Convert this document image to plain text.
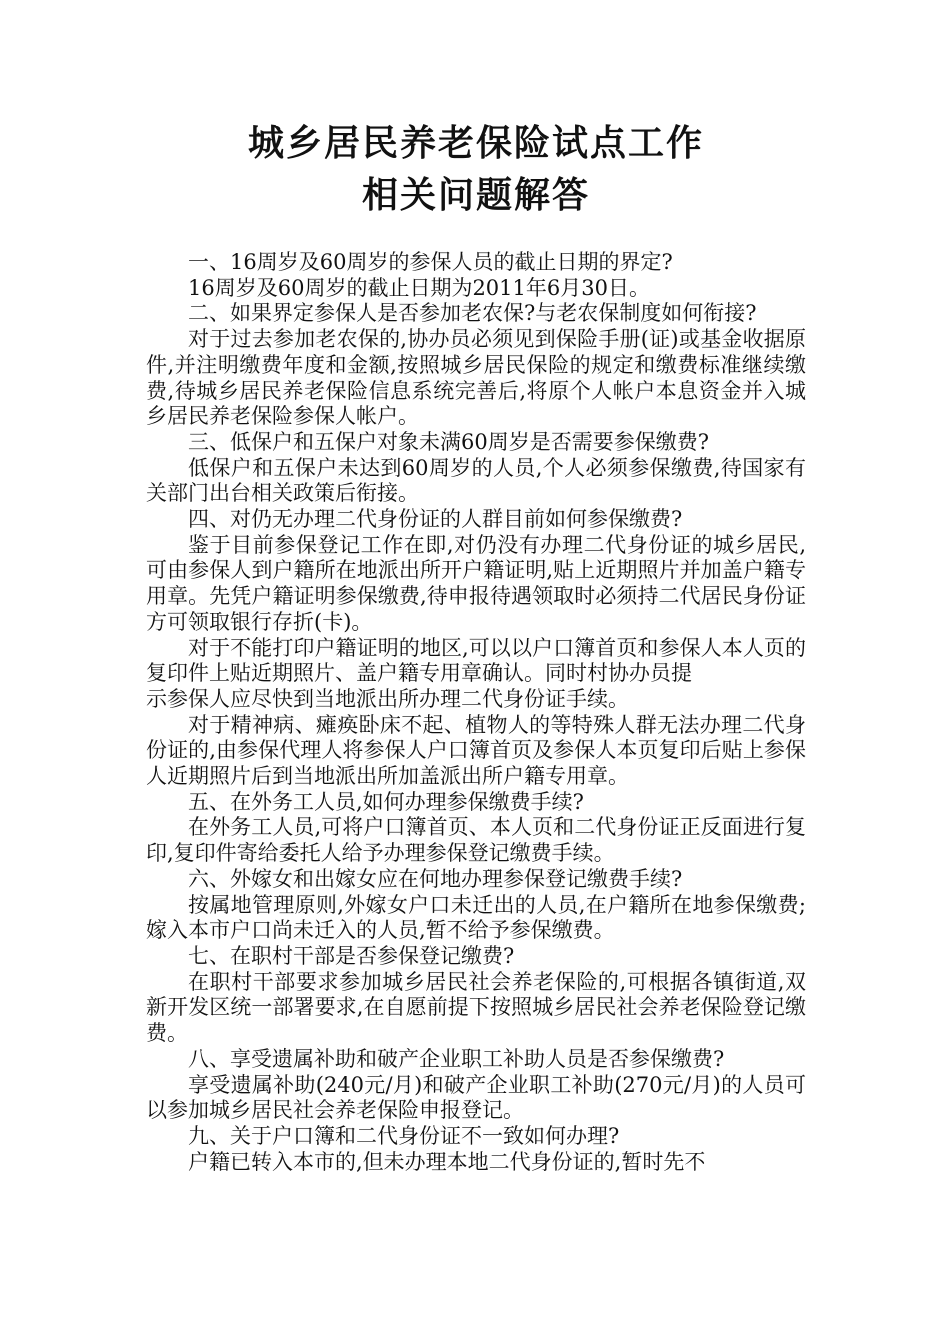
城乡居民养老保险试点工作
相关问题解答

一、16周岁及60周岁的参保人员的截止日期的界定?

16周岁及60周岁的截止日期为2011年6月30日。

二、如果界定参保人是否参加老农保?与老农保制度如何衔接?

对于过去参加老农保的,协办员必须见到保险手册(证)或基金收据原件,并注明缴费年度和金额,按照城乡居民保险的规定和缴费标准继续缴费,待城乡居民养老保险信息系统完善后,将原个人帐户本息资金并入城乡居民养老保险参保人帐户。

三、低保户和五保户对象未满60周岁是否需要参保缴费?

低保户和五保户未达到60周岁的人员,个人必须参保缴费,待国家有关部门出台相关政策后衔接。

四、对仍无办理二代身份证的人群目前如何参保缴费?

鉴于目前参保登记工作在即,对仍没有办理二代身份证的城乡居民,可由参保人到户籍所在地派出所开户籍证明,贴上近期照片并加盖户籍专用章。先凭户籍证明参保缴费,待申报待遇领取时必须持二代居民身份证方可领取银行存折(卡)。

对于不能打印户籍证明的地区,可以以户口簿首页和参保人本人页的复印件上贴近期照片、盖户籍专用章确认。同时村协办员提

示参保人应尽快到当地派出所办理二代身份证手续。

对于精神病、瘫痪卧床不起、植物人的等特殊人群无法办理二代身份证的,由参保代理人将参保人户口簿首页及参保人本页复印后贴上参保人近期照片后到当地派出所加盖派出所户籍专用章。

五、在外务工人员,如何办理参保缴费手续?

在外务工人员,可将户口簿首页、本人页和二代身份证正反面进行复印,复印件寄给委托人给予办理参保登记缴费手续。

六、外嫁女和出嫁女应在何地办理参保登记缴费手续?

按属地管理原则,外嫁女户口未迁出的人员,在户籍所在地参保缴费;嫁入本市户口尚未迁入的人员,暂不给予参保缴费。

七、在职村干部是否参保登记缴费?

在职村干部要求参加城乡居民社会养老保险的,可根据各镇街道,双新开发区统一部署要求,在自愿前提下按照城乡居民社会养老保险登记缴费。

八、享受遗属补助和破产企业职工补助人员是否参保缴费?

享受遗属补助(240元/月)和破产企业职工补助(270元/月)的人员可以参加城乡居民社会养老保险申报登记。

九、关于户口簿和二代身份证不一致如何办理?

户籍已转入本市的,但未办理本地二代身份证的,暂时先不
